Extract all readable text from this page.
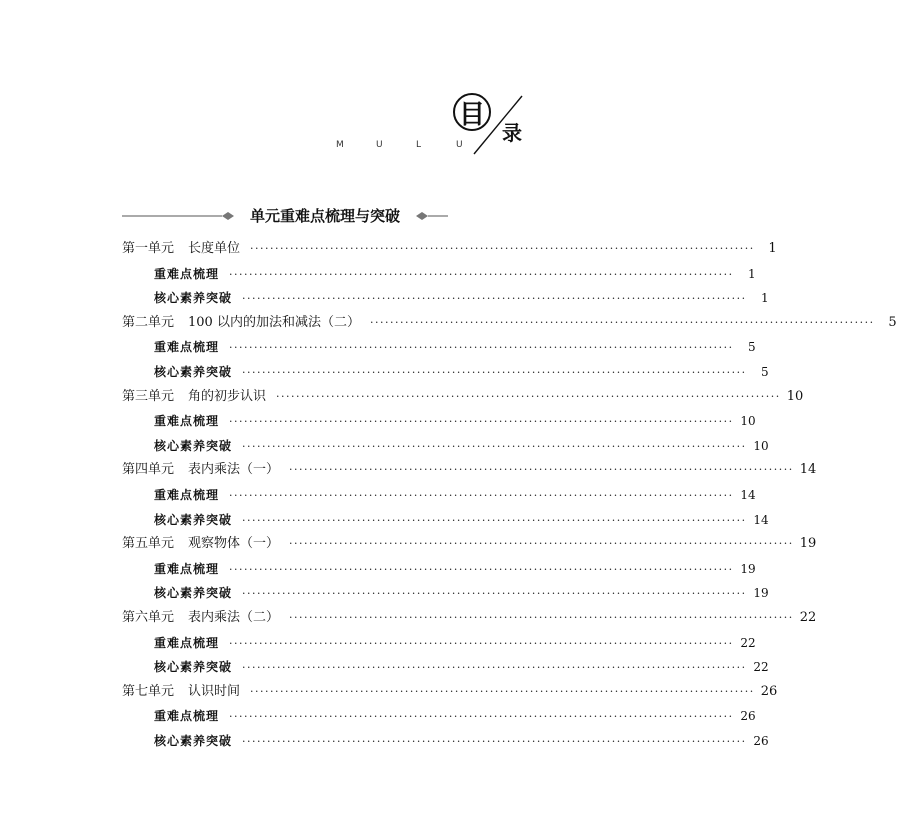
M	U	L	U
目
录
单元重难点梳理与突破
第一单元 长度单位 ·····································································································	1
重难点梳理 ·····································································································	1
核心素养突破 ·····································································································	1
第二单元 100 以内的加法和减法（二） ·····································································································	5
重难点梳理 ·····································································································	5
核心素养突破 ·····································································································	5
第三单元 角的初步认识 ····································································································· 10
重难点梳理 ····································································································· 10
核心素养突破 ····································································································· 10
第四单元 表内乘法（一） ····································································································· 14
重难点梳理 ····································································································· 14
核心素养突破 ····································································································· 14
第五单元 观察物体（一） ····································································································· 19
重难点梳理 ····································································································· 19
核心素养突破 ····································································································· 19
第六单元 表内乘法（二） ····································································································· 22
重难点梳理 ····································································································· 22
核心素养突破 ····································································································· 22
第七单元 认识时间 ····································································································· 26
重难点梳理 ····································································································· 26
核心素养突破 ····································································································· 26
